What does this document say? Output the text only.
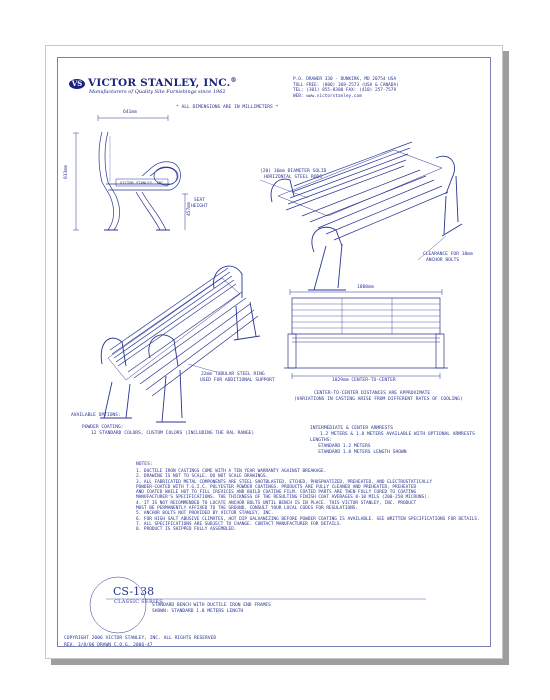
VS VICTOR STANLEY, INC.®
Manufacturers of Quality Site Furnishings since 1962
P.O. DRAWER 330 · DUNKIRK, MD 20754 USA
TOLL FREE: (800) 368-2573 (USA & CANADA)
TEL: (301) 855-8300 FAX: (410) 257-7579
WEB: www.victorstanley.com
* ALL DIMENSIONS ARE IN MILLIMETERS *
641mm
813mm
457mm
SEAT
HEIGHT
VICTOR STANLEY, INC.
(20) 16mm DIAMETER SOLID
HORIZONTAL STEEL RODS
CLEARANCE FOR 10mm
ANCHOR BOLTS
22mm TUBULAR STEEL RING
USED FOR ADDITIONAL SUPPORT
1880mm
1829mm CENTER-TO-CENTER
CENTER-TO-CENTER DISTANCES ARE APPROXIMATE
(VARIATIONS IN CASTING ARISE FROM DIFFERENT RATES OF COOLING)
AVAILABLE OPTIONS:
POWDER COATING:
12 STANDARD COLORS, CUSTOM COLORS (INCLUDING THE RAL RANGE)
INTERMEDIATE & CENTER ARMRESTS
1.2 METERS & 1.8 METERS AVAILABLE WITH OPTIONAL ARMRESTS
LENGTHS:
STANDARD 1.2 METERS
STANDARD 1.8 METERS LENGTH SHOWN
NOTES:
1. DUCTILE IRON CASTINGS COME WITH A TEN YEAR WARRANTY AGAINST BREAKAGE.
2. DRAWING IS NOT TO SCALE. DO NOT SCALE DRAWINGS.
3. ALL FABRICATED METAL COMPONENTS ARE STEEL SHOTBLASTED, ETCHED, PHOSPHATIZED, PREHEATED, AND ELECTROSTATICALLY
POWDER-COATED WITH T.G.I.C. POLYESTER POWDER COATINGS. PRODUCTS ARE FULLY CLEANED AND PREHEATED, PREHEATED
AND COATED WHILE HOT TO FILL CREVICES AND BUILD COATING FILM. COATED PARTS ARE THEN FULLY CURED TO COATING
MANUFACTURER'S SPECIFICATIONS. THE THICKNESS OF THE RESULTING FINISH COAT AVERAGES 8-10 MILS (200-250 MICRONS).
4. IT IS NOT RECOMMENDED TO LOCATE ANCHOR BOLTS UNTIL BENCH IS IN PLACE. THIS VICTOR STANLEY, INC. PRODUCT
MUST BE PERMANENTLY AFFIXED TO THE GROUND. CONSULT YOUR LOCAL CODES FOR REGULATIONS.
5. ANCHOR BOLTS NOT PROVIDED BY VICTOR STANLEY, INC.
6. FOR HIGH SALT ABUSIVE CLIMATES, HOT DIP GALVANIZING BEFORE POWDER COATING IS AVAILABLE. SEE WRITTEN SPECIFICATIONS FOR DETAILS.
7. ALL SPECIFICATIONS ARE SUBJECT TO CHANGE. CONTACT MANUFACTURER FOR DETAILS.
8. PRODUCT IS SHIPPED FULLY ASSEMBLED.
CS-138
CLASSIC SERIES
STANDARD BENCH WITH DUCTILE IRON END FRAMES
SHOWN: STANDARD 1.8 METERS LENGTH
COPYRIGHT 2006 VICTOR STANLEY, INC. ALL RIGHTS RESERVED
REV. 3/8/06 DRAWN C.O.G. 2006-47
